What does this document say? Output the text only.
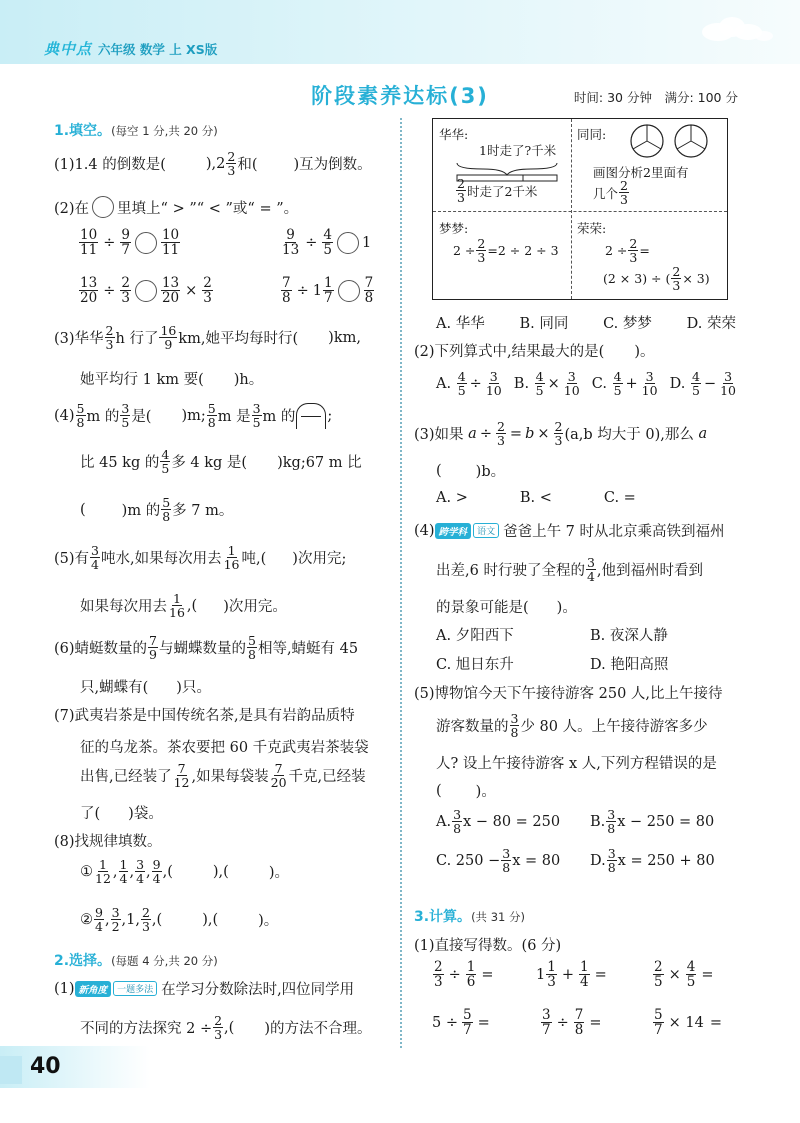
典中点 六年级 数学 上 XS版
阶段素养达标(3)	时间: 30 分钟　满分: 100 分
1.填空。(每空 1 分,共 20 分)
(1)1.4 的倒数是(	)$,2 \frac{2}{3}$ 和( )互为倒数。
(2)在 里填上“ > ”“ < ”或“ = ”。
$\frac{10}{11} \div \frac{9}{7} \frac{10}{11}$	$\frac{9}{13} \div \frac{4}{5} 1$
$\frac{13}{20} \div \frac{2}{3} \frac{13}{20} \times \frac{2}{3}$	$\frac{7}{8} \div 1 \frac{1}{7} \frac{7}{8}$
(3)华华 $\frac{2}{3}$ h 行了 $\frac{16}{9}$ km,她平均每时行( )km,
她平均行 1 km 要( )h。
$(4) \frac{5}{8}$ m 的 $\frac{3}{5}$ 是( )m; $\frac{5}{8}$ m 是 $\frac{3}{5}$ m 的 ;
比 45 kg 的 $\frac{4}{5}$ 多 4 kg 是( )kg;67 m 比
( )m 的 $\frac{5}{8}$ 多 7 m。
(5)有 $\frac{3}{4}$ 吨水,如果每次用去 $\frac{1}{16}$ 吨,( )次用完;
如果每次用去 $\frac{1}{16}$ ,( )次用完。
(6)蜻蜓数量的 $\frac{7}{9}$ 与蝴蝶数量的 $\frac{5}{8}$ 相等,蜻蜓有 45
只,蝴蝶有( )只。
(7)武夷岩茶是中国传统名茶,是具有岩韵品质特
征的乌龙茶。茶农要把 60 千克武夷岩茶装袋
出售,已经装了 $\frac{7}{12}$ ,如果每袋装 $\frac{7}{20}$ 千克,已经装
了( )袋。
(8)找规律填数。
① $\frac{1}{12}$ , $\frac{1}{4}$ , $\frac{3}{4}$ , $\frac{9}{4}$ ,(	),(	)。
② $\frac{9}{4}$ , $\frac{3}{2}$ , 1 , $\frac{2}{3}$ ,(	),(	)。
2.选择。(每题 4 分,共 20 分)
(1) 新角度	一题多法 在学习分数除法时,四位同学用
不同的方法探究 $2 \div \frac{2}{3}$ ,( )的方法不合理。
华华:
1时走了?千米
$\frac{2}{3}$ 时走了2千米
同同:
画图分析2里面有
几个 $\frac{2}{3}$
梦梦:
$2 \div \frac{2}{3} =2 \div 2 \div 3$
荣荣:
$2 \div \frac{2}{3}$ =
(2 × 3) ÷ ( $\frac{2}{3} \times 3$)
A. 华华 B. 同同 C. 梦梦 D. 荣荣
(2)下列算式中,结果最大的是( )。
A.
$\frac{4}{5} \div \frac{3}{10} B$.
$\frac{4}{5} \times \frac{3}{10} C$.
$\frac{4}{5} + \frac{3}{10} D$.
$\frac{4}{5} - \frac{3}{10}$
(3)如果
$a \div \frac{2}{3} = b \times \frac{2}{3} (a,b$ 均大于 0),那么
a
( )b。
A. >	B. <	C. =
(4) 跨学科	语文 爸爸上午 7 时从北京乘高铁到福州
出差,6 时行驶了全程的 $\frac{3}{4}$ ,他到福州时看到
的景象可能是( )。
A. 夕阳西下	B. 夜深人静
C. 旭日东升	D. 艳阳高照
(5)博物馆今天下午接待游客 250 人,比上午接待
游客数量的 $\frac{3}{8}$ 少 80 人。上午接待游客多少
人? 设上午接待游客 x 人,下列方程错误的是
( )。
A. $\frac{3}{8}$ x − 80 = 250 B. $\frac{3}{8}$ x − 250 = 80
C.
$250 - \frac{3}{8}$ x = 80 D. $\frac{3}{8}$ x = 250 + 80
3.计算。(共 31 分)
(1)直接写得数。(6 分)
$\frac{2}{3} \div \frac{1}{6}$ =	$1 \frac{1}{3} + \frac{1}{4}$ =	$\frac{2}{5} \times \frac{4}{5}$ =
$5 \div \frac{5}{7}$ =	$\frac{3}{7} \div \frac{7}{8}$ =	$\frac{5}{7} \times 14$ =
40
